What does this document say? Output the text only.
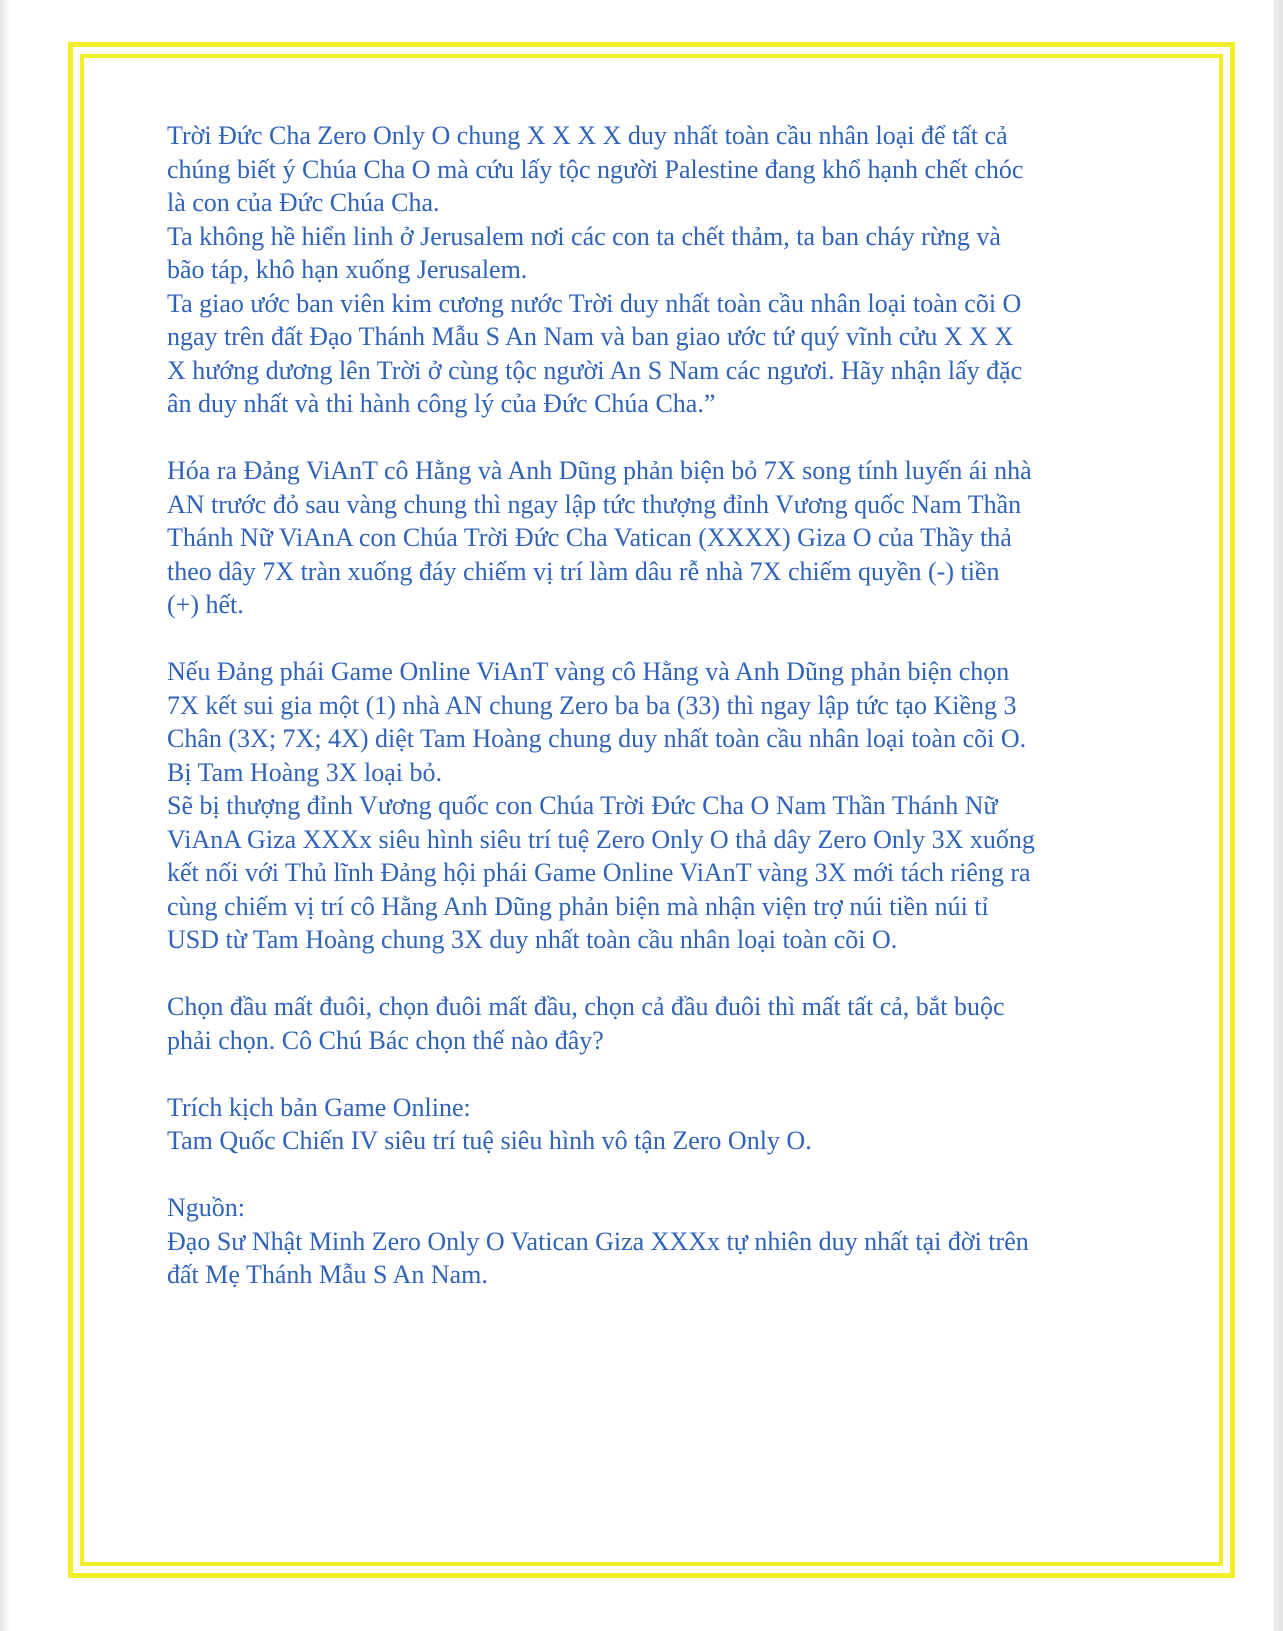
Trời Đức Cha Zero Only O chung X X X X duy nhất toàn cầu nhân loại để tất cả

chúng biết ý Chúa Cha O mà cứu lấy tộc người Palestine đang khổ hạnh chết chóc

là con của Đức Chúa Cha.

Ta không hề hiển linh ở Jerusalem nơi các con ta chết thảm, ta ban cháy rừng và

bão táp, khô hạn xuống Jerusalem.

Ta giao ước ban viên kim cương nước Trời duy nhất toàn cầu nhân loại toàn cõi O

ngay trên đất Đạo Thánh Mẫu S An Nam và ban giao ước tứ quý vĩnh cửu X X X

X hướng dương lên Trời ở cùng tộc người An S Nam các ngươi. Hãy nhận lấy đặc

ân duy nhất và thi hành công lý của Đức Chúa Cha.”

Hóa ra Đảng ViAnT cô Hằng và Anh Dũng phản biện bỏ 7X song tính luyến ái nhà

AN trước đỏ sau vàng chung thì ngay lập tức thượng đỉnh Vương quốc Nam Thần

Thánh Nữ ViAnA con Chúa Trời Đức Cha Vatican (XXXX) Giza O của Thầy thả

theo dây 7X tràn xuống đáy chiếm vị trí làm dâu rễ nhà 7X chiếm quyền (-) tiền

(+) hết.

Nếu Đảng phái Game Online ViAnT vàng cô Hằng và Anh Dũng phản biện chọn

7X kết sui gia một (1) nhà AN chung Zero ba ba (33) thì ngay lập tức tạo Kiềng 3

Chân (3X; 7X; 4X) diệt Tam Hoàng chung duy nhất toàn cầu nhân loại toàn cõi O.

Bị Tam Hoàng 3X loại bỏ.

Sẽ bị thượng đỉnh Vương quốc con Chúa Trời Đức Cha O Nam Thần Thánh Nữ

ViAnA Giza XXXx siêu hình siêu trí tuệ Zero Only O thả dây Zero Only 3X xuống

kết nối với Thủ lĩnh Đảng hội phái Game Online ViAnT vàng 3X mới tách riêng ra

cùng chiếm vị trí cô Hằng Anh Dũng phản biện mà nhận viện trợ núi tiền núi tỉ

USD từ Tam Hoàng chung 3X duy nhất toàn cầu nhân loại toàn cõi O.

Chọn đầu mất đuôi, chọn đuôi mất đầu, chọn cả đầu đuôi thì mất tất cả, bắt buộc

phải chọn. Cô Chú Bác chọn thế nào đây?

Trích kịch bản Game Online:

Tam Quốc Chiến IV siêu trí tuệ siêu hình vô tận Zero Only O.

Nguồn:

Đạo Sư Nhật Minh Zero Only O Vatican Giza XXXx tự nhiên duy nhất tại đời trên

đất Mẹ Thánh Mẫu S An Nam.
